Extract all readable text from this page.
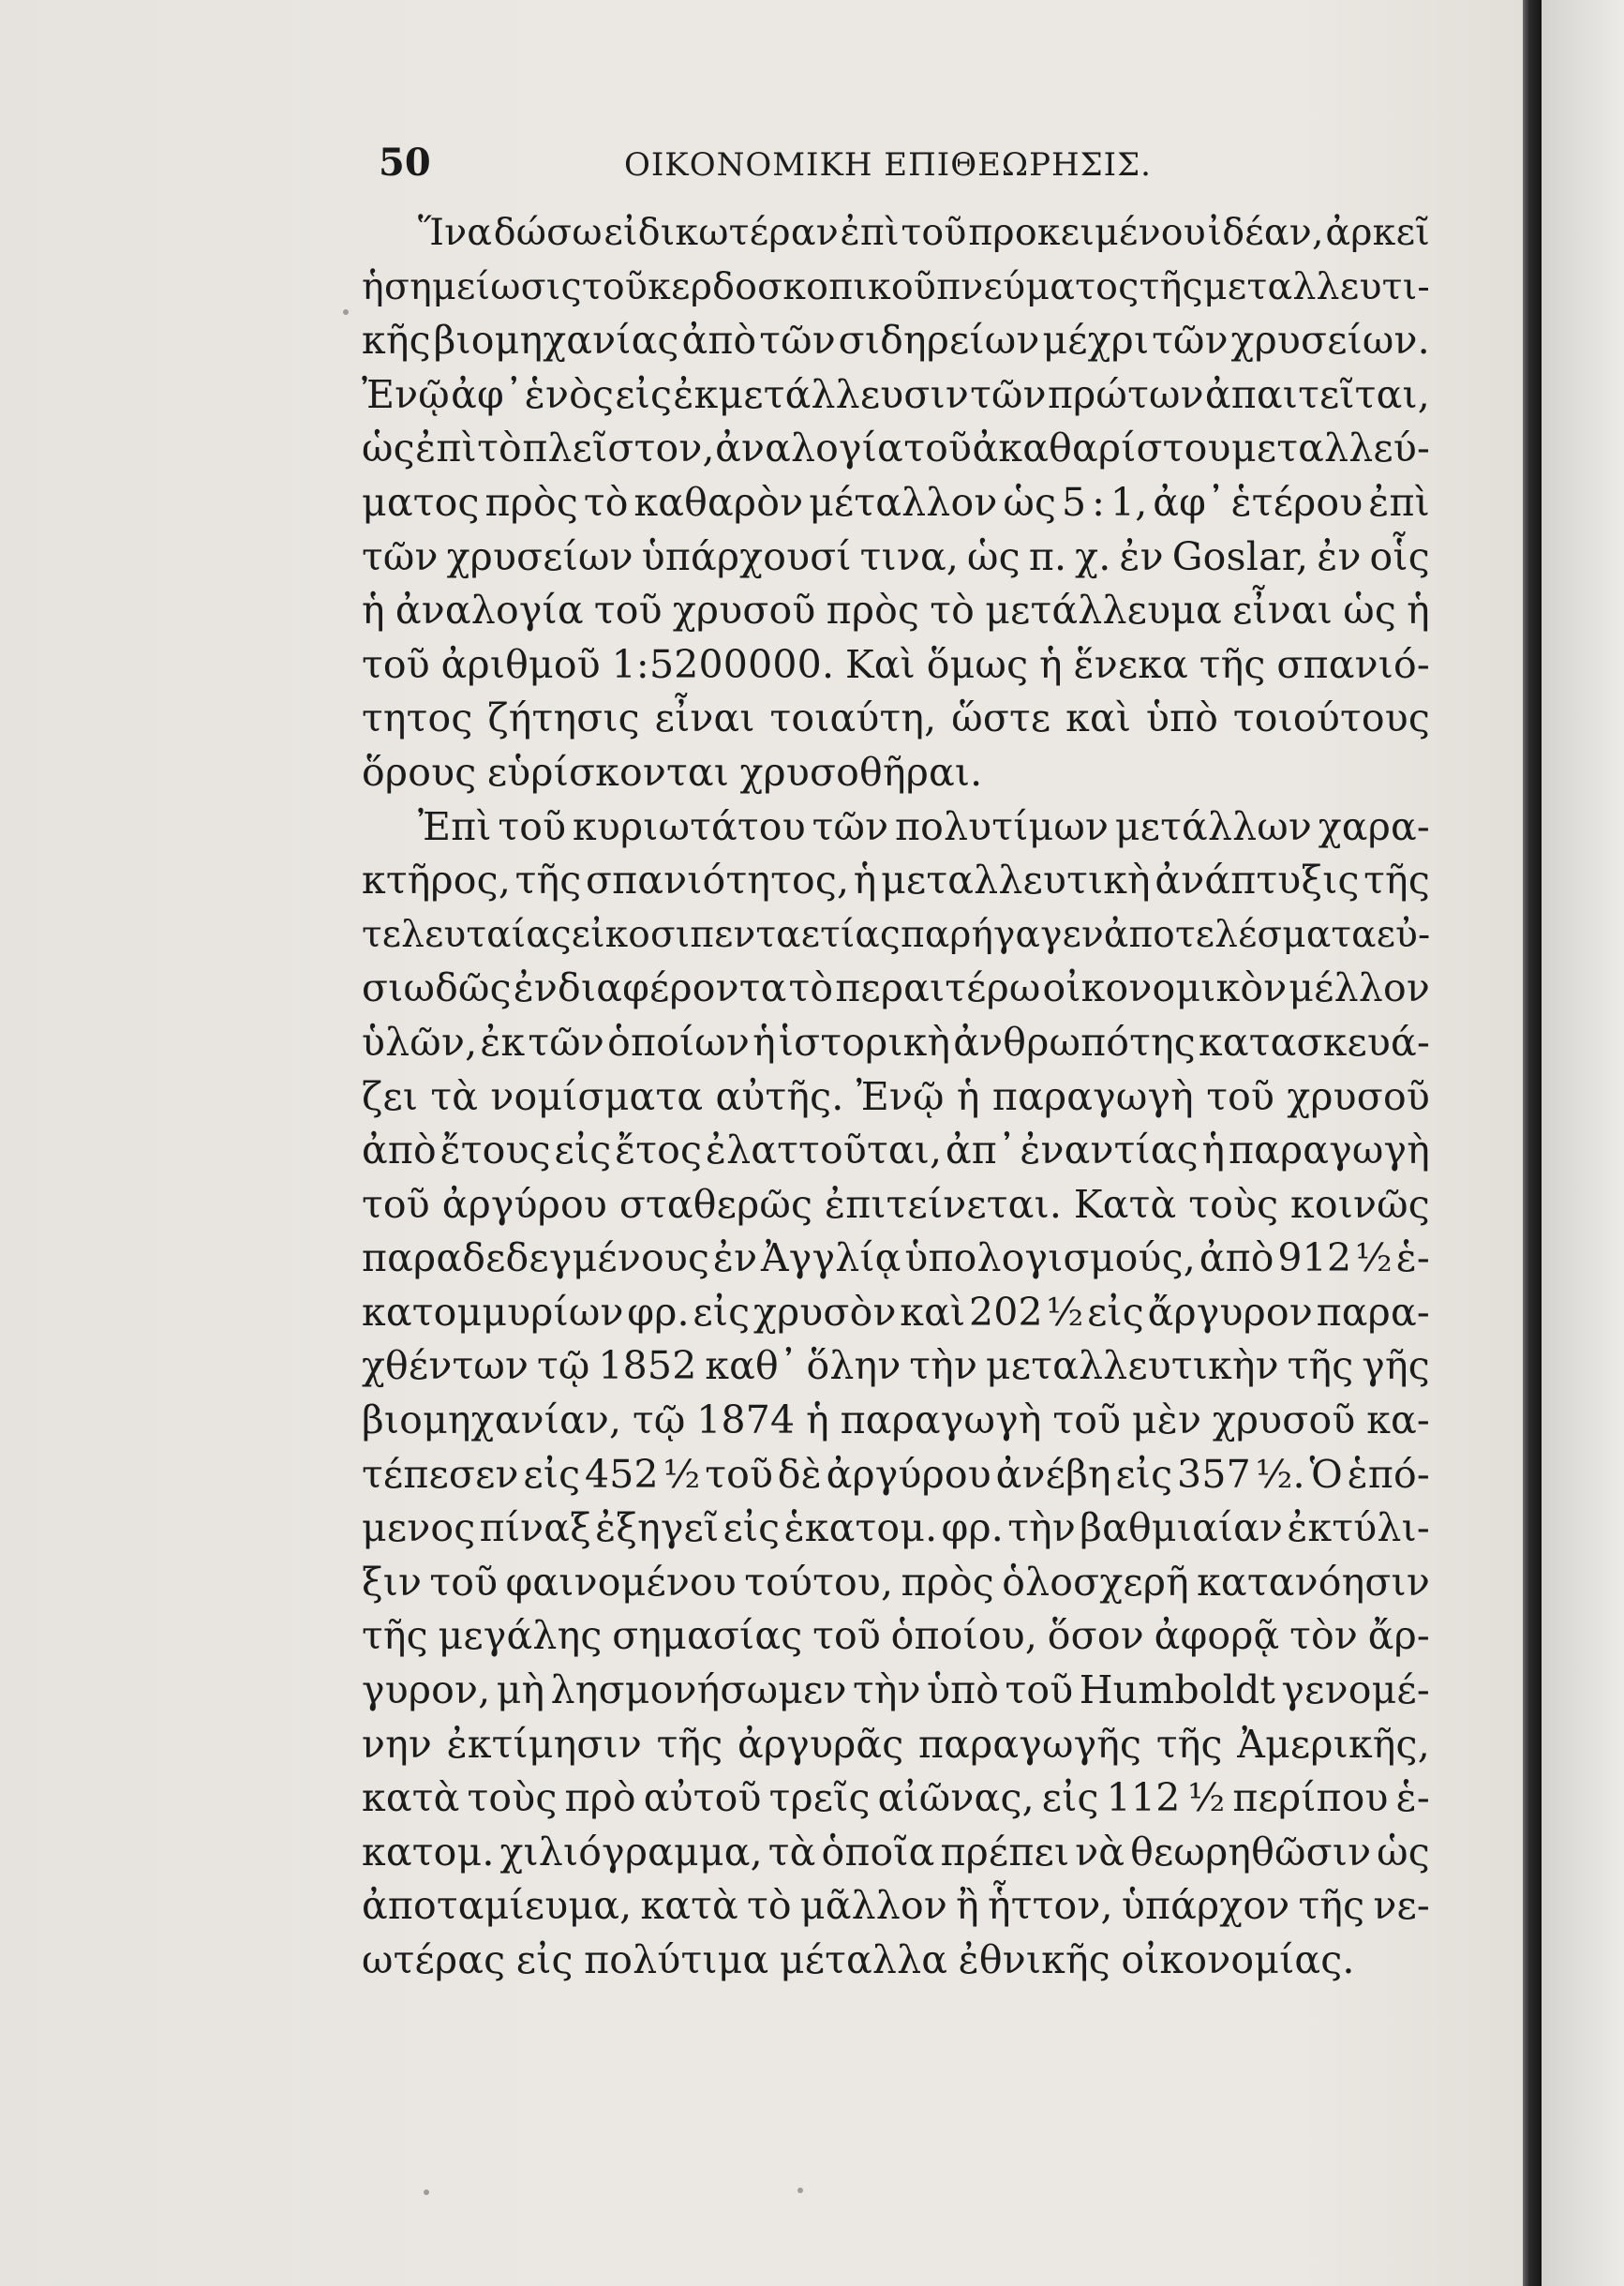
50	ΟΙΚΟΝΟΜΙΚΗ ΕΠΙΘΕΩΡΗΣΙΣ.
Ἵνα δώσω εἰδικωτέραν ἐπὶ τοῦ προκειμένου ἰδέαν, ἀρκεῖ
ἡ σημείωσις τοῦ κερδοσκοπικοῦ πνεύματος τῆς μεταλλευτι-
κῆς βιομηχανίας ἀπὸ τῶν σιδηρείων μέχρι τῶν χρυσείων.
Ἐνῷ ἀφ᾽ ἑνὸς εἰς ἐκμετάλλευσιν τῶν πρώτων ἀπαιτεῖται,
ὡς ἐπὶ τὸ πλεῖστον, ἀναλογία τοῦ ἀκαθαρίστου μεταλλεύ-
ματος πρὸς τὸ καθαρὸν μέταλλον ὡς 5 : 1, ἀφ᾽ ἑτέρου ἐπὶ
τῶν χρυσείων ὑπάρχουσί τινα, ὡς π. χ. ἐν Goslar, ἐν οἷς
ἡ ἀναλογία τοῦ χρυσοῦ πρὸς τὸ μετάλλευμα εἶναι ὡς ἡ
τοῦ ἀριθμοῦ 1:5200000. Καὶ ὅμως ἡ ἕνεκα τῆς σπανιό-
τητος ζήτησις εἶναι τοιαύτη, ὥστε καὶ ὑπὸ τοιούτους
ὅρους εὑρίσκονται χρυσοθῆραι.
Ἐπὶ τοῦ κυριωτάτου τῶν πολυτίμων μετάλλων χαρα-
κτῆρος, τῆς σπανιότητος, ἡ μεταλλευτικὴ ἀνάπτυξις τῆς
τελευταίας εἰκοσιπενταετίας παρήγαγεν ἀποτελέσματα εὐ-
σιωδῶς ἐνδιαφέροντα τὸ περαιτέρω οἰκονομικὸν μέλλον
ὑλῶν, ἐκ τῶν ὁποίων ἡ ἱστορικὴ ἀνθρωπότης κατασκευά-
ζει τὰ νομίσματα αὐτῆς. Ἐνῷ ἡ παραγωγὴ τοῦ χρυσοῦ
ἀπὸ ἔτους εἰς ἔτος ἐλαττοῦται, ἀπ᾽ ἐναντίας ἡ παραγωγὴ
τοῦ ἀργύρου σταθερῶς ἐπιτείνεται. Κατὰ τοὺς κοινῶς
παραδεδεγμένους ἐν Ἀγγλίᾳ ὑπολογισμούς, ἀπὸ 912 ½ ἑ-
κατομμυρίων φρ. εἰς χρυσὸν καὶ 202 ½ εἰς ἄργυρον παρα-
χθέντων τῷ 1852 καθ᾽ ὅλην τὴν μεταλλευτικὴν τῆς γῆς
βιομηχανίαν, τῷ 1874 ἡ παραγωγὴ τοῦ μὲν χρυσοῦ κα-
τέπεσεν εἰς 452 ½ τοῦ δὲ ἀργύρου ἀνέβη εἰς 357 ½. Ὁ ἑπό-
μενος πίναξ ἐξηγεῖ εἰς ἑκατομ. φρ. τὴν βαθμιαίαν ἐκτύλι-
ξιν τοῦ φαινομένου τούτου, πρὸς ὁλοσχερῆ κατανόησιν
τῆς μεγάλης σημασίας τοῦ ὁποίου, ὅσον ἀφορᾷ τὸν ἄρ-
γυρον, μὴ λησμονήσωμεν τὴν ὑπὸ τοῦ Humboldt γενομέ-
νην ἐκτίμησιν τῆς ἀργυρᾶς παραγωγῆς τῆς Ἀμερικῆς,
κατὰ τοὺς πρὸ αὐτοῦ τρεῖς αἰῶνας, εἰς 112 ½ περίπου ἑ-
κατομ. χιλιόγραμμα, τὰ ὁποῖα πρέπει νὰ θεωρηθῶσιν ὡς
ἀποταμίευμα, κατὰ τὸ μᾶλλον ἢ ἧττον, ὑπάρχον τῆς νε-
ωτέρας εἰς πολύτιμα μέταλλα ἐθνικῆς οἰκονομίας.
